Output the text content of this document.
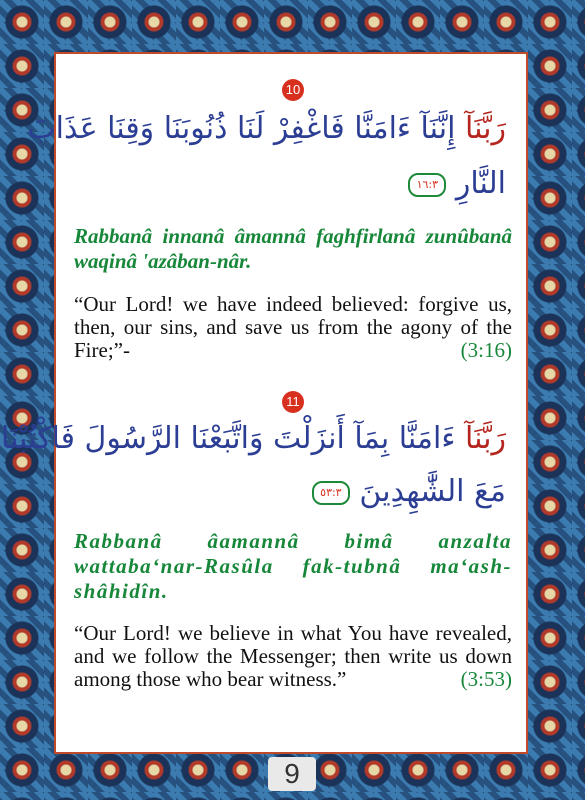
10
رَبَّنَآ إِنَّنَآ ءَامَنَّا فَاغْفِرْ لَنَا ذُنُوبَنَا وَقِنَا عَذَابَ
النَّارِ ١٦:٣
Rabbanâ innanâ âmannâ faghfirlanâ zunûbanâ waqinâ 'azâban-nâr.
“Our Lord! we have indeed believed: forgive us, then, our sins, and save us from the agony of the Fire;”-	(3:16)
11
رَبَّنَآ ءَامَنَّا بِمَآ أَنزَلْتَ وَاتَّبَعْنَا الرَّسُولَ فَاكْتُبْنَا
مَعَ الشَّٰهِدِينَ ٥٣:٣
Rabbanâ âamannâ bimâ anzalta wattaba‘nar-Rasûla fak-tubnâ ma‘ash-shâhidîn.
“Our Lord! we believe in what You have revealed, and we follow the Messenger; then write us down among those who bear witness.”	(3:53)
9
